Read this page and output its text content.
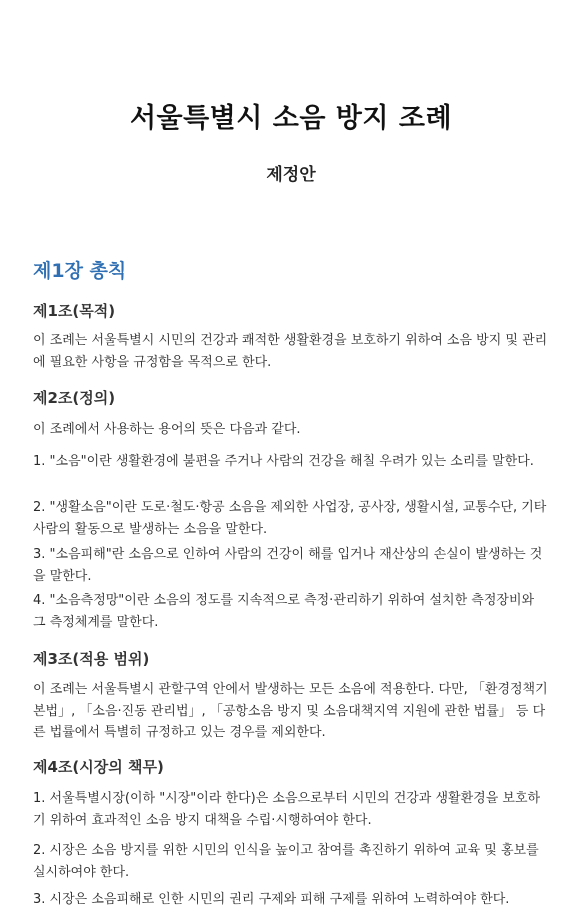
서울특별시 소음 방지 조례
제정안
제1장 총칙
제1조(목적)

이 조례는 서울특별시 시민의 건강과 쾌적한 생활환경을 보호하기 위하여 소음 방지 및 관리에 필요한 사항을 규정함을 목적으로 한다.

제2조(정의)

이 조례에서 사용하는 용어의 뜻은 다음과 같다.

1. "소음"이란 생활환경에 불편을 주거나 사람의 건강을 해칠 우려가 있는 소리를 말한다.

2. "생활소음"이란 도로·철도·항공 소음을 제외한 사업장, 공사장, 생활시설, 교통수단, 기타 사람의 활동으로 발생하는 소음을 말한다.

3. "소음피해"란 소음으로 인하여 사람의 건강이 해를 입거나 재산상의 손실이 발생하는 것을 말한다.

4. "소음측정망"이란 소음의 정도를 지속적으로 측정·관리하기 위하여 설치한 측정장비와 그 측정체계를 말한다.

제3조(적용 범위)

이 조례는 서울특별시 관할구역 안에서 발생하는 모든 소음에 적용한다. 다만, 「환경정책기본법」, 「소음·진동 관리법」, 「공항소음 방지 및 소음대책지역 지원에 관한 법률」 등 다른 법률에서 특별히 규정하고 있는 경우를 제외한다.

제4조(시장의 책무)

1. 서울특별시장(이하 "시장"이라 한다)은 소음으로부터 시민의 건강과 생활환경을 보호하기 위하여 효과적인 소음 방지 대책을 수립·시행하여야 한다.

2. 시장은 소음 방지를 위한 시민의 인식을 높이고 참여를 촉진하기 위하여 교육 및 홍보를 실시하여야 한다.

3. 시장은 소음피해로 인한 시민의 권리 구제와 피해 구제를 위하여 노력하여야 한다.
